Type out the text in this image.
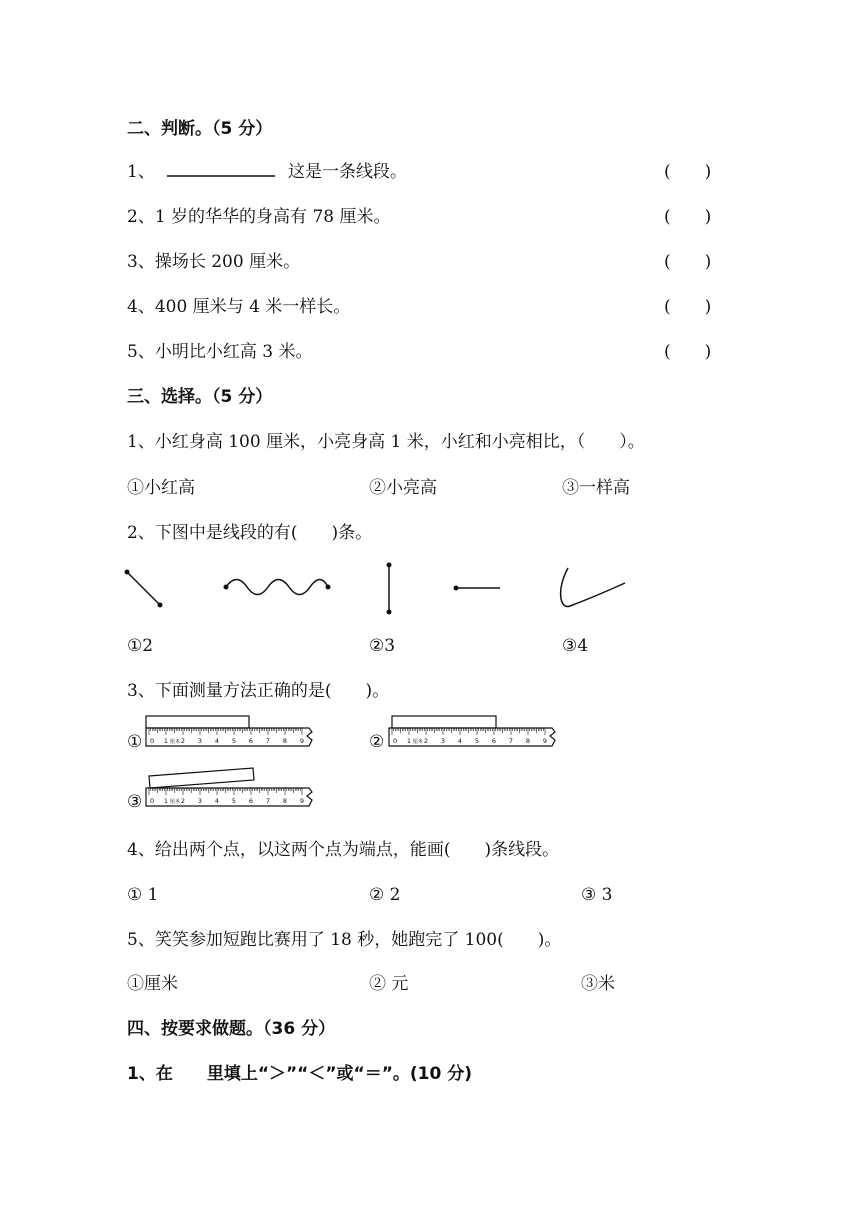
二、判断。（5 分）
1、	这是一条线段。	(　　)
2、1 岁的华华的身高有 78 厘米。	(　　)
3、操场长 200 厘米。	(　　)
4、400 厘米与 4 米一样长。	(　　)
5、小明比小红高 3 米。	(　　)
三、选择。（5 分）
1、小红身高 100 厘米，小亮身高 1 米，小红和小亮相比，（　　）。
①小红高	②小亮高	③一样高
2、下图中是线段的有(　　)条。
①2	②3	③4
3、下面测量方法正确的是(　　)。
①	②
③
0 1 2 3 4 5 6 7 8 9
厘米	0 1 2 3 4 5 6 7 8 9
厘米
0 1 2 3 4 5 6 7 8 9
厘米
4、给出两个点，以这两个点为端点，能画(　　)条线段。
① 1	② 2	③ 3
5、笑笑参加短跑比赛用了 18 秒，她跑完了 100(　　)。
①厘米	② 元	③米
四、按要求做题。（36 分）
1、在　　里填上“＞”“＜”或“＝”。(10 分)
